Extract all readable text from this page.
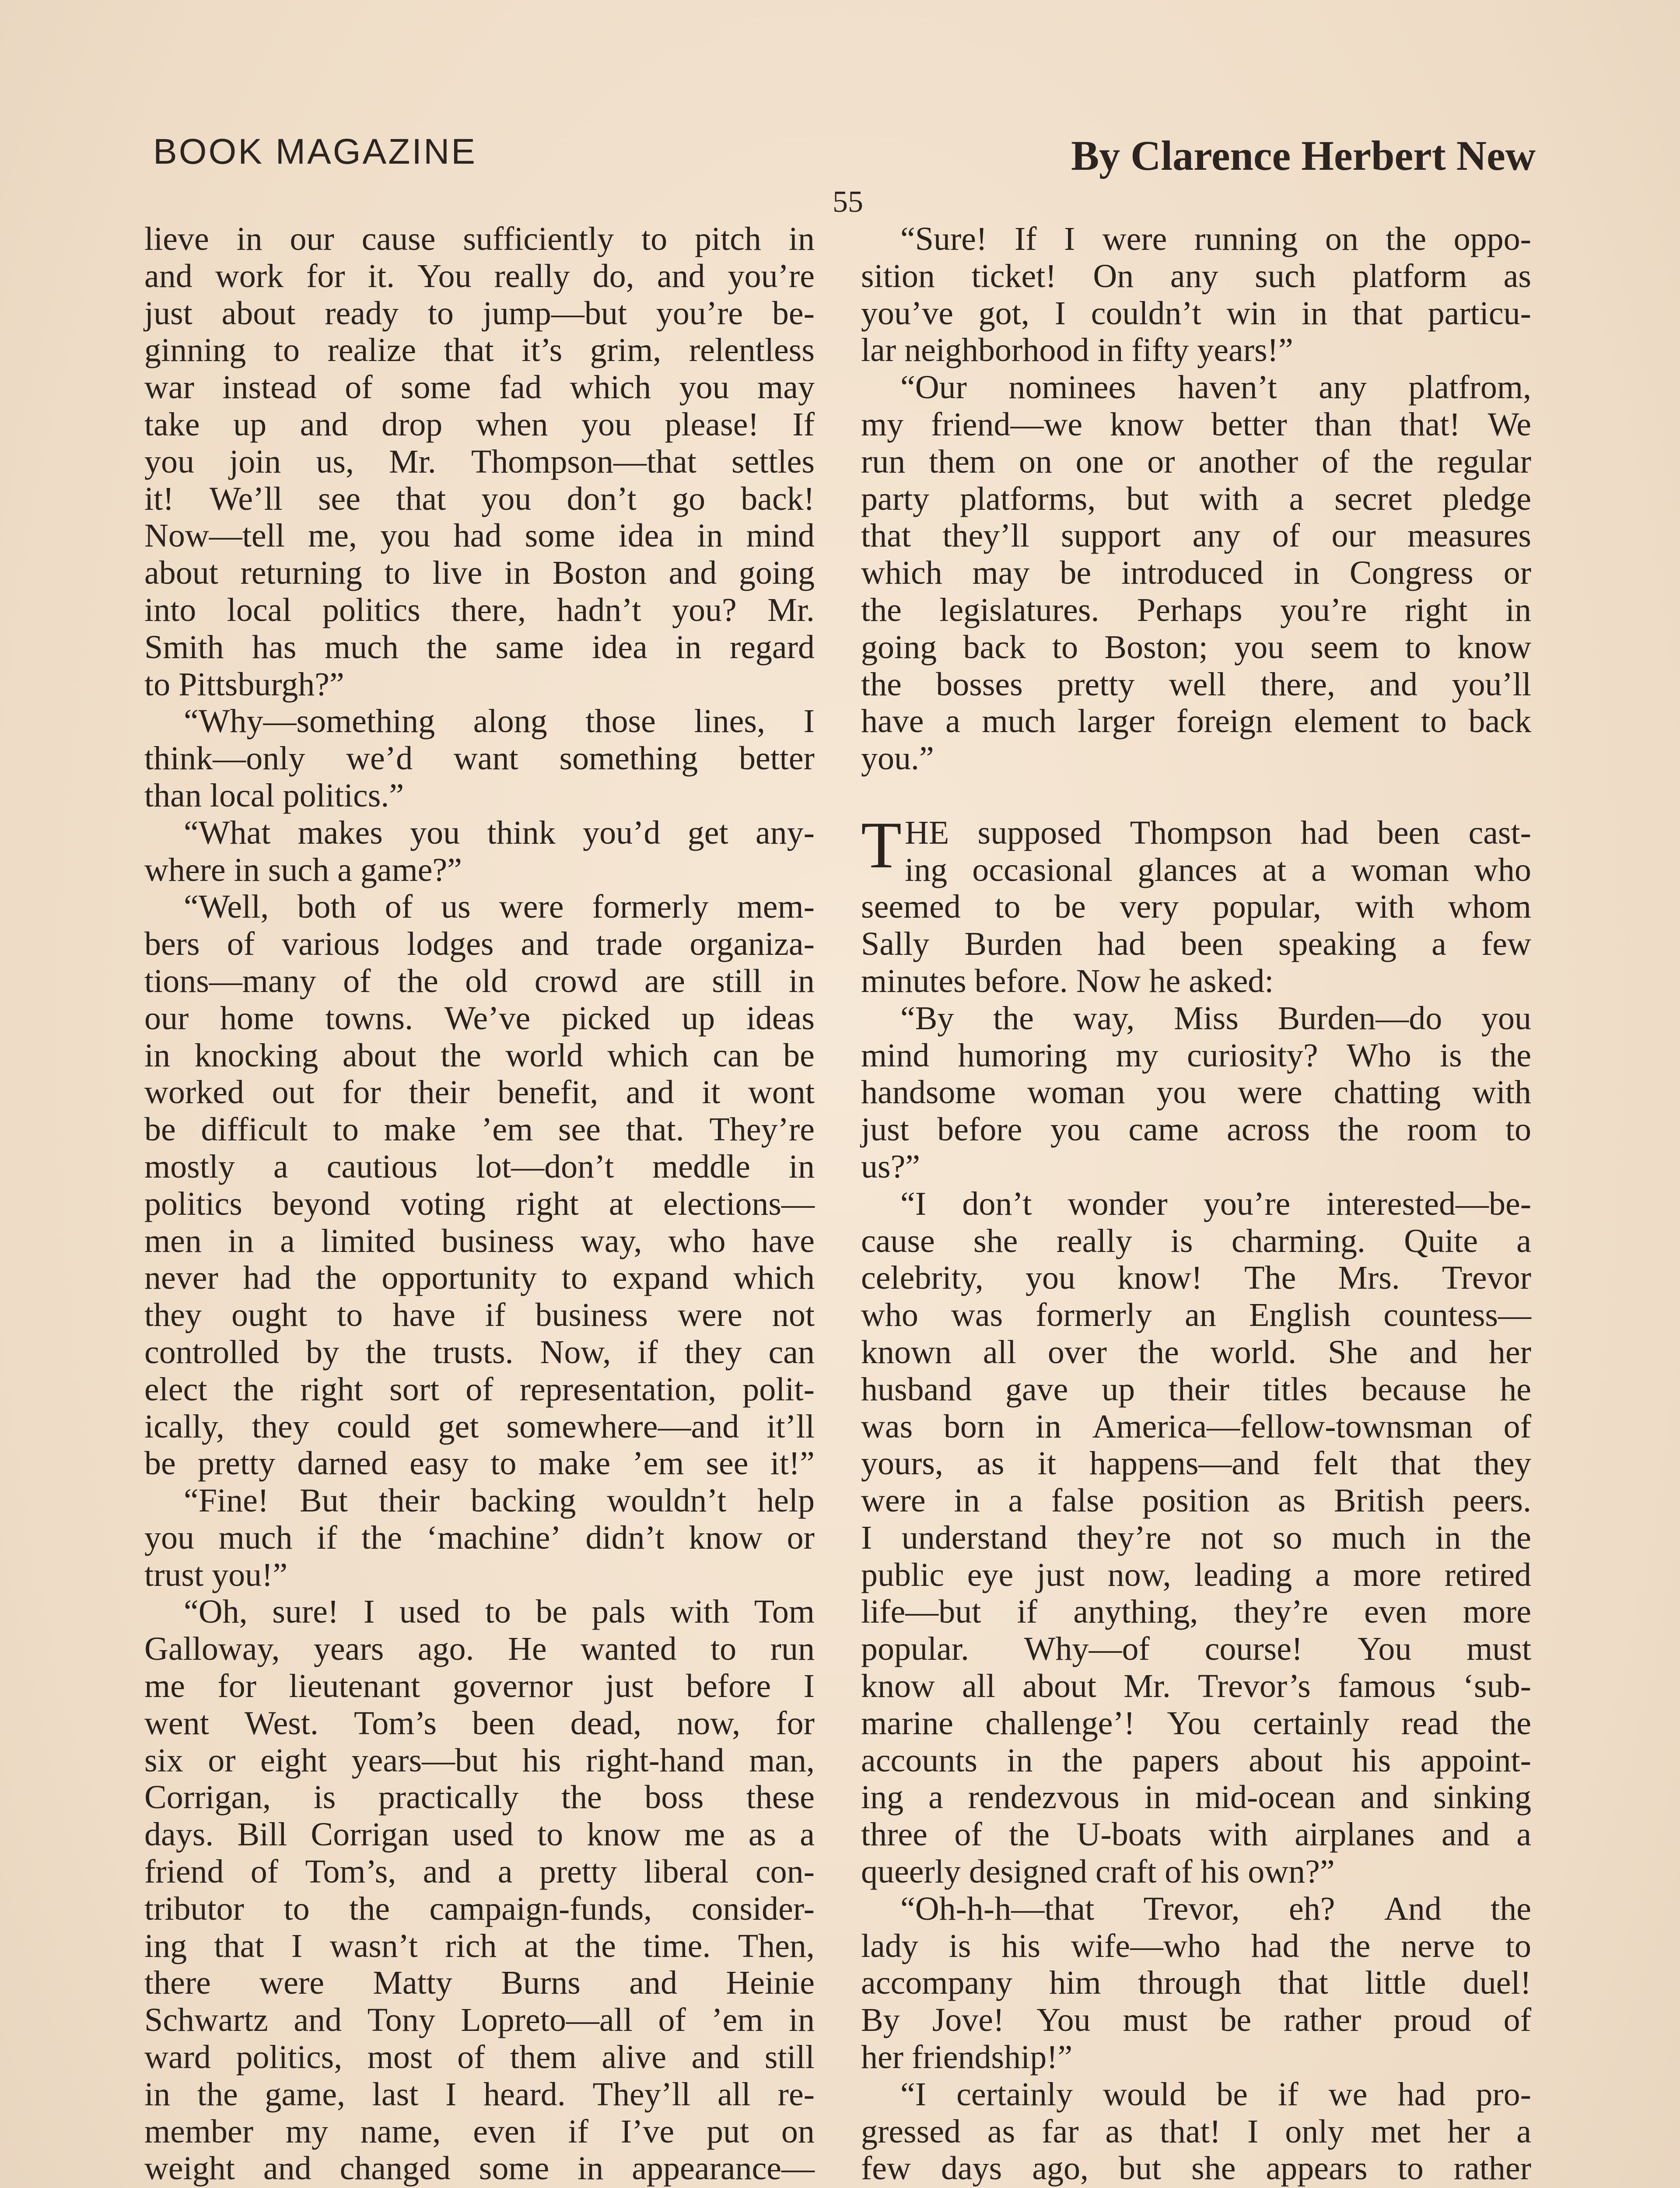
BOOK MAGAZINE	By Clarence Herbert New
55
lieve in our cause sufficiently to pitch in
and work for it. You really do, and you’re
just about ready to jump—but you’re be-
ginning to realize that it’s grim, relentless
war instead of some fad which you may
take up and drop when you please! If
you join us, Mr. Thompson—that settles
it! We’ll see that you don’t go back!
Now—tell me, you had some idea in mind
about returning to live in Boston and going
into local politics there, hadn’t you? Mr.
Smith has much the same idea in regard
to Pittsburgh?”
“Why—something along those lines, I
think—only we’d want something better
than local politics.”
“What makes you think you’d get any-
where in such a game?”
“Well, both of us were formerly mem-
bers of various lodges and trade organiza-
tions—many of the old crowd are still in
our home towns. We’ve picked up ideas
in knocking about the world which can be
worked out for their benefit, and it wont
be difficult to make ’em see that. They’re
mostly a cautious lot—don’t meddle in
politics beyond voting right at elections—
men in a limited business way, who have
never had the opportunity to expand which
they ought to have if business were not
controlled by the trusts. Now, if they can
elect the right sort of representation, polit-
ically, they could get somewhere—and it’ll
be pretty darned easy to make ’em see it!”
“Fine! But their backing wouldn’t help
you much if the ‘machine’ didn’t know or
trust you!”
“Oh, sure! I used to be pals with Tom
Galloway, years ago. He wanted to run
me for lieutenant governor just before I
went West. Tom’s been dead, now, for
six or eight years—but his right-hand man,
Corrigan, is practically the boss these
days. Bill Corrigan used to know me as a
friend of Tom’s, and a pretty liberal con-
tributor to the campaign-funds, consider-
ing that I wasn’t rich at the time. Then,
there were Matty Burns and Heinie
Schwartz and Tony Lopreto—all of ’em in
ward politics, most of them alive and still
in the game, last I heard. They’ll all re-
member my name, even if I’ve put on
weight and changed some in appearance—
“Sure! If I were running on the oppo-
sition ticket! On any such platform as
you’ve got, I couldn’t win in that particu-
lar neighborhood in fifty years!”
“Our nominees haven’t any platfrom,
my friend—we know better than that! We
run them on one or another of the regular
party platforms, but with a secret pledge
that they’ll support any of our measures
which may be introduced in Congress or
the legislatures. Perhaps you’re right in
going back to Boston; you seem to know
the bosses pretty well there, and you’ll
have a much larger foreign element to back
you.”
HE supposed Thompson had been cast-
T ing occasional glances at a woman who
seemed to be very popular, with whom
Sally Burden had been speaking a few
minutes before. Now he asked:
“By the way, Miss Burden—do you
mind humoring my curiosity? Who is the
handsome woman you were chatting with
just before you came across the room to
us?”
“I don’t wonder you’re interested—be-
cause she really is charming. Quite a
celebrity, you know! The Mrs. Trevor
who was formerly an English countess—
known all over the world. She and her
husband gave up their titles because he
was born in America—fellow-townsman of
yours, as it happens—and felt that they
were in a false position as British peers.
I understand they’re not so much in the
public eye just now, leading a more retired
life—but if anything, they’re even more
popular. Why—of course! You must
know all about Mr. Trevor’s famous ‘sub-
marine challenge’! You certainly read the
accounts in the papers about his appoint-
ing a rendezvous in mid-ocean and sinking
three of the U-boats with airplanes and a
queerly designed craft of his own?”
“Oh-h-h—that Trevor, eh? And the
lady is his wife—who had the nerve to
accompany him through that little duel!
By Jove! You must be rather proud of
her friendship!”
“I certainly would be if we had pro-
gressed as far as that! I only met her a
few days ago, but she appears to rather
